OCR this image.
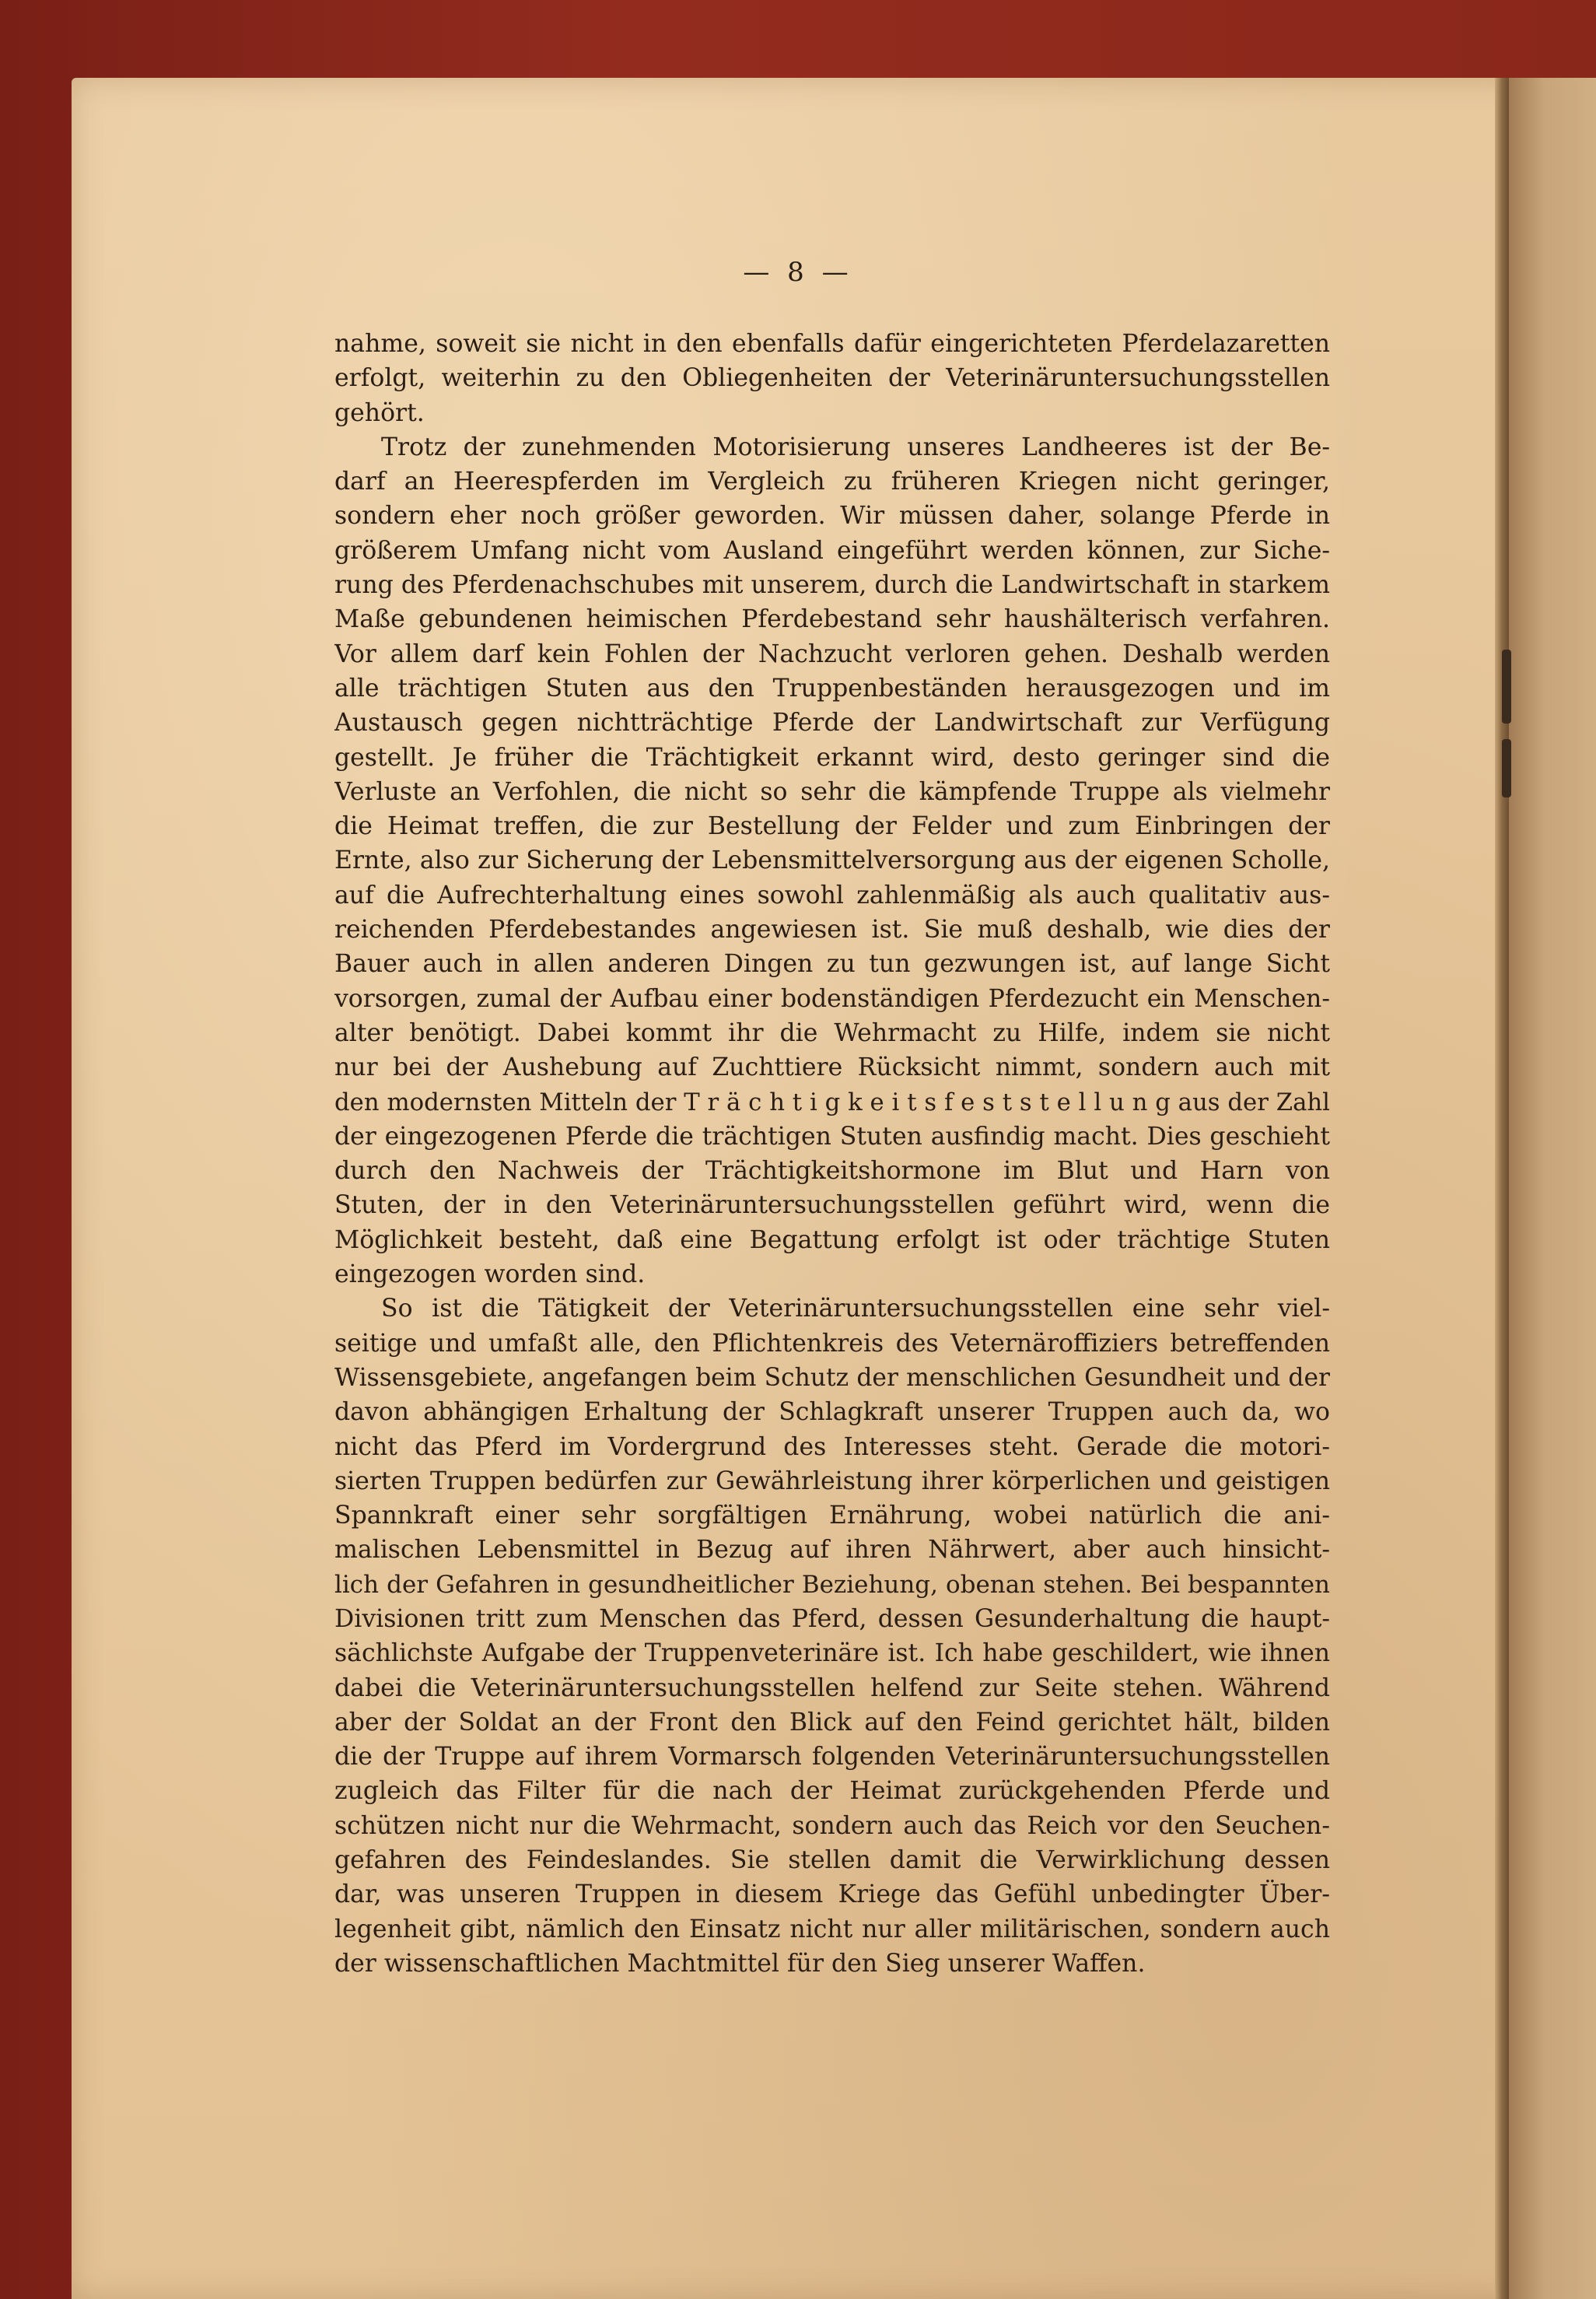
— 8 —
nahme, soweit sie nicht in den ebenfalls dafür eingerichteten Pferdelazaretten
erfolgt, weiterhin zu den Obliegenheiten der Veterinäruntersuchungsstellen
gehört.
Trotz der zunehmenden Motorisierung unseres Landheeres ist der Be-
darf an Heerespferden im Vergleich zu früheren Kriegen nicht geringer,
sondern eher noch größer geworden. Wir müssen daher, solange Pferde in
größerem Umfang nicht vom Ausland eingeführt werden können, zur Siche-
rung des Pferdenachschubes mit unserem, durch die Landwirtschaft in starkem
Maße gebundenen heimischen Pferdebestand sehr haushälterisch verfahren.
Vor allem darf kein Fohlen der Nachzucht verloren gehen. Deshalb werden
alle trächtigen Stuten aus den Truppenbeständen herausgezogen und im
Austausch gegen nichtträchtige Pferde der Landwirtschaft zur Verfügung
gestellt. Je früher die Trächtigkeit erkannt wird, desto geringer sind die
Verluste an Verfohlen, die nicht so sehr die kämpfende Truppe als vielmehr
die Heimat treffen, die zur Bestellung der Felder und zum Einbringen der
Ernte, also zur Sicherung der Lebensmittelversorgung aus der eigenen Scholle,
auf die Aufrechterhaltung eines sowohl zahlenmäßig als auch qualitativ aus-
reichenden Pferdebestandes angewiesen ist. Sie muß deshalb, wie dies der
Bauer auch in allen anderen Dingen zu tun gezwungen ist, auf lange Sicht
vorsorgen, zumal der Aufbau einer bodenständigen Pferdezucht ein Menschen-
alter benötigt. Dabei kommt ihr die Wehrmacht zu Hilfe, indem sie nicht
nur bei der Aushebung auf Zuchttiere Rücksicht nimmt, sondern auch mit
den modernsten Mitteln der T r ä c h t i g k e i t s f e s t s t e l l u n g aus der Zahl
der eingezogenen Pferde die trächtigen Stuten ausfindig macht. Dies geschieht
durch den Nachweis der Trächtigkeitshormone im Blut und Harn von
Stuten, der in den Veterinäruntersuchungsstellen geführt wird, wenn die
Möglichkeit besteht, daß eine Begattung erfolgt ist oder trächtige Stuten
eingezogen worden sind.
So ist die Tätigkeit der Veterinäruntersuchungsstellen eine sehr viel-
seitige und umfaßt alle, den Pflichtenkreis des Veternäroffiziers betreffenden
Wissensgebiete, angefangen beim Schutz der menschlichen Gesundheit und der
davon abhängigen Erhaltung der Schlagkraft unserer Truppen auch da, wo
nicht das Pferd im Vordergrund des Interesses steht. Gerade die motori-
sierten Truppen bedürfen zur Gewährleistung ihrer körperlichen und geistigen
Spannkraft einer sehr sorgfältigen Ernährung, wobei natürlich die ani-
malischen Lebensmittel in Bezug auf ihren Nährwert, aber auch hinsicht-
lich der Gefahren in gesundheitlicher Beziehung, obenan stehen. Bei bespannten
Divisionen tritt zum Menschen das Pferd, dessen Gesunderhaltung die haupt-
sächlichste Aufgabe der Truppenveterinäre ist. Ich habe geschildert, wie ihnen
dabei die Veterinäruntersuchungsstellen helfend zur Seite stehen. Während
aber der Soldat an der Front den Blick auf den Feind gerichtet hält, bilden
die der Truppe auf ihrem Vormarsch folgenden Veterinäruntersuchungsstellen
zugleich das Filter für die nach der Heimat zurückgehenden Pferde und
schützen nicht nur die Wehrmacht, sondern auch das Reich vor den Seuchen-
gefahren des Feindeslandes. Sie stellen damit die Verwirklichung dessen
dar, was unseren Truppen in diesem Kriege das Gefühl unbedingter Über-
legenheit gibt, nämlich den Einsatz nicht nur aller militärischen, sondern auch
der wissenschaftlichen Machtmittel für den Sieg unserer Waffen.
